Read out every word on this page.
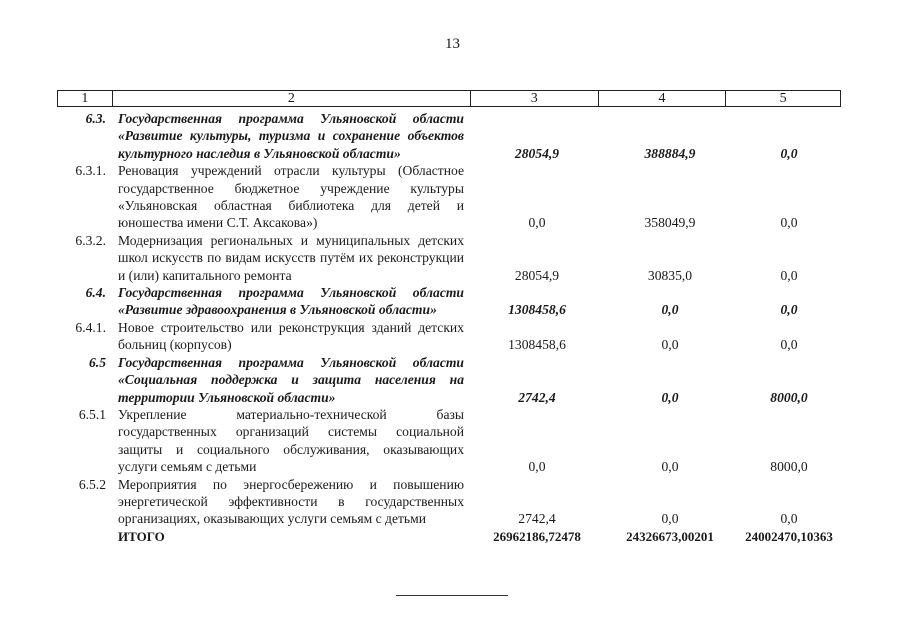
13
1	2	3	4	5
6.3. Государственная программа Ульяновской области «Развитие культуры, туризма и сохранение объектов культурного наследия в Ульяновской области»	28054,9	388884,9	0,0
6.3.1. Реновация учреждений отрасли культуры (Областное государственное бюджетное учреждение культуры «Ульяновская областная библиотека для детей и юношества имени С.Т. Аксакова»)	0,0	358049,9	0,0
6.3.2. Модернизация региональных и муниципальных детских школ искусств по видам искусств путём их реконструкции и (или) капитального ремонта	28054,9	30835,0	0,0
6.4. Государственная программа Ульяновской области «Развитие здравоохранения в Ульяновской области»	1308458,6	0,0	0,0
6.4.1. Новое строительство или реконструкция зданий детских больниц (корпусов)	1308458,6	0,0	0,0
6.5 Государственная программа Ульяновской области «Социальная поддержка и защита населения на территории Ульяновской области»	2742,4	0,0	8000,0
6.5.1 Укрепление материально-технической базы государственных организаций системы социальной защиты и социального обслуживания, оказывающих услуги семьям с детьми	0,0	0,0	8000,0
6.5.2 Мероприятия по энергосбережению и повышению энергетической эффективности в государственных организациях, оказывающих услуги семьям с детьми	2742,4	0,0	0,0
ИТОГО	26962186,72478	24326673,00201	24002470,10363
